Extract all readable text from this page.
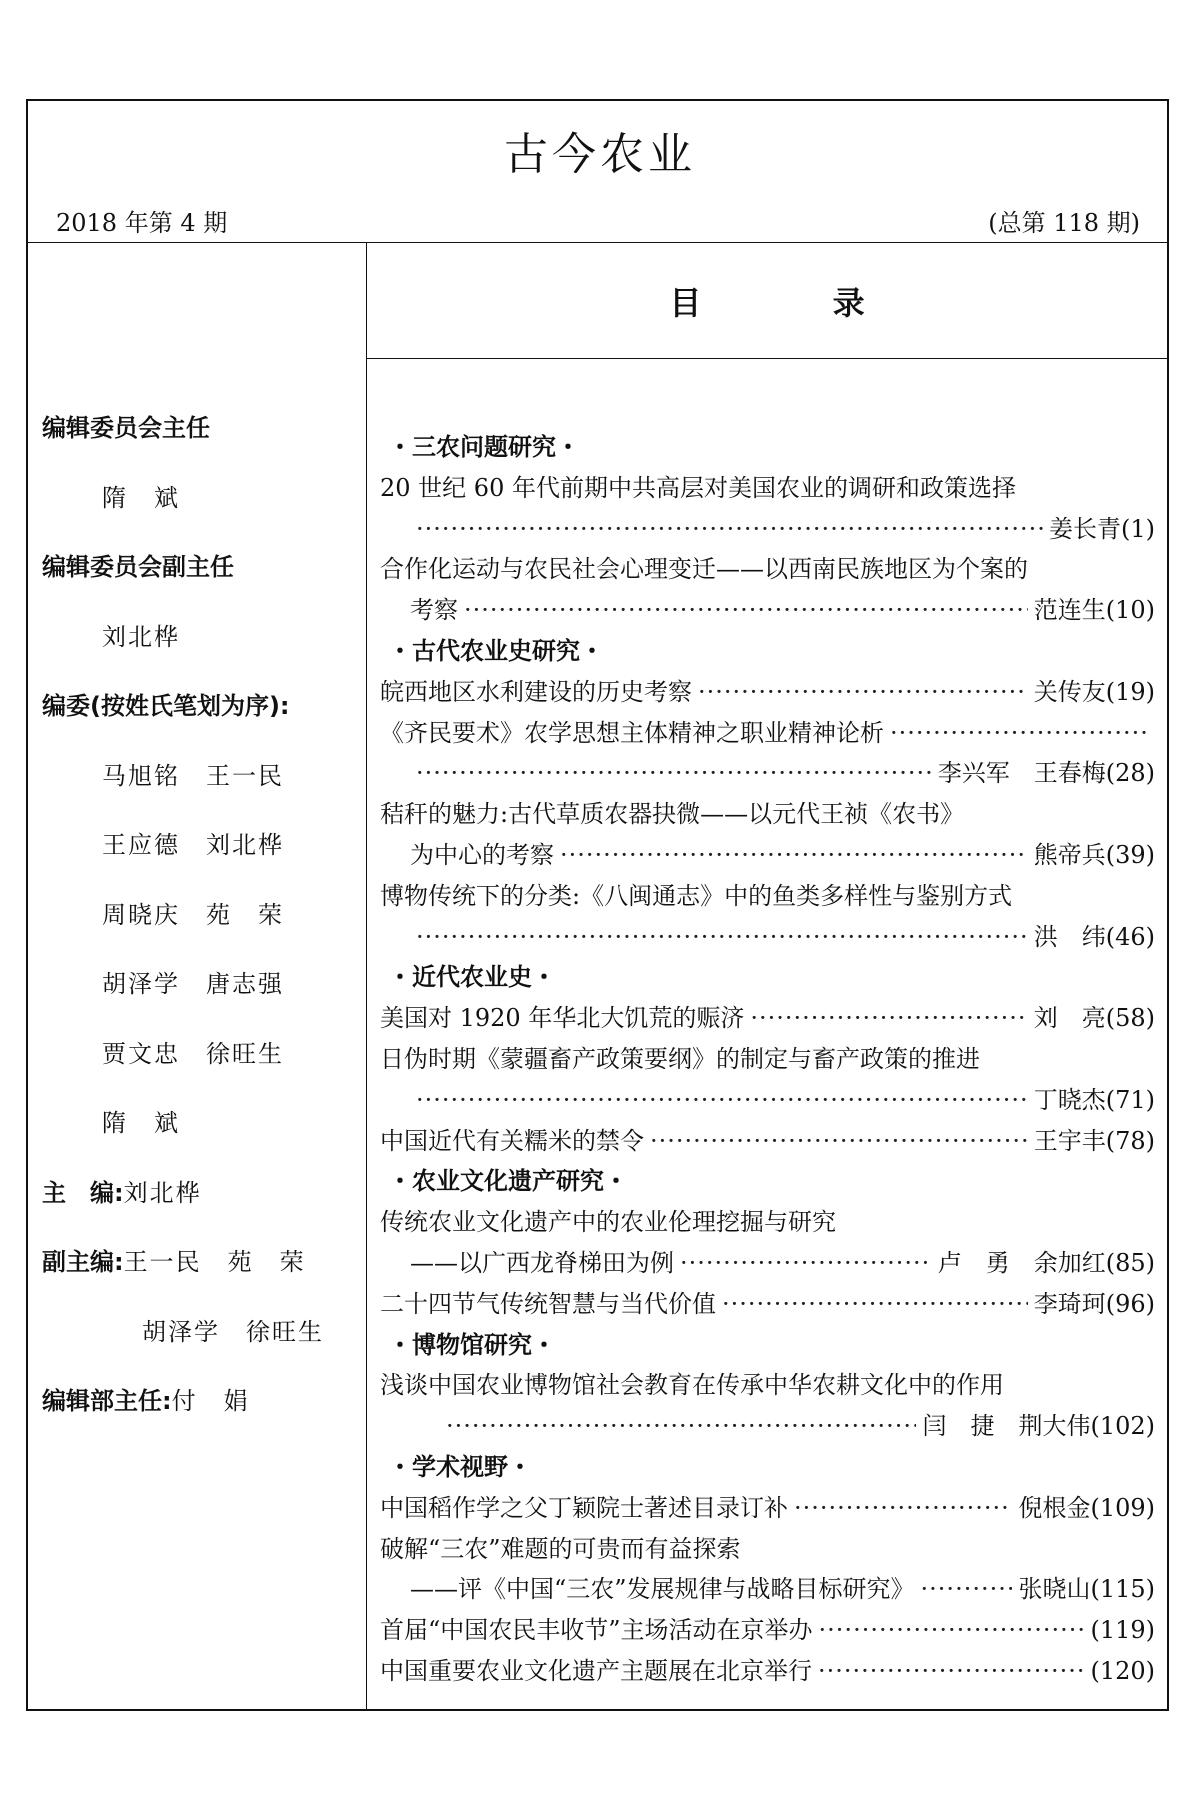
古今农业
2018 年第 4 期	(总第 118 期)
目 录
编辑委员会主任
隋　斌
编辑委员会副主任
刘北桦
编委(按姓氏笔划为序):
马旭铭　王一民
王应德　刘北桦
周晓庆　苑　荣
胡泽学　唐志强
贾文忠　徐旺生
隋　斌
主　编:刘北桦
副主编:王一民　苑　荣
胡泽学　徐旺生
编辑部主任:付　娟
・三农问题研究・
20 世纪 60 年代前期中共高层对美国农业的调研和政策选择
·····
姜长青 (1)
合作化运动与农民社会心理变迁——以西南民族地区为个案的
考察 ·····	范连生 (10)
・古代农业史研究・
皖西地区水利建设的历史考察 ·····	关传友 (19)
《齐民要术》农学思想主体精神之职业精神论析
·····
·····
李兴军　王春梅 (28)
秸秆的魅力:古代草质农器抉微——以元代王祯《农书》
为中心的考察 ·····	熊帝兵 (39)
博物传统下的分类:《八闽通志》中的鱼类多样性与鉴别方式
·····
洪　纬 (46)
・近代农业史・
美国对 1920 年华北大饥荒的赈济 ·····	刘　亮 (58)
日伪时期《蒙疆畜产政策要纲》的制定与畜产政策的推进
·····
丁晓杰 (71)
中国近代有关糯米的禁令 ·····	王宇丰 (78)
・农业文化遗产研究・
传统农业文化遗产中的农业伦理挖掘与研究
——以广西龙脊梯田为例 ·····	卢　勇　余加红 (85)
二十四节气传统智慧与当代价值 ·····	李琦珂 (96)
・博物馆研究・
浅谈中国农业博物馆社会教育在传承中华农耕文化中的作用
·····
闫　捷　荆大伟 (102)
・学术视野・
中国稻作学之父丁颖院士著述目录订补 ·····	倪根金 (109)
破解“三农”难题的可贵而有益探索
——评《中国“三农”发展规律与战略目标研究》 ·····	张晓山 (115)
首届“中国农民丰收节”主场活动在京举办 ·····	(119)
中国重要农业文化遗产主题展在北京举行 ·····	(120)
